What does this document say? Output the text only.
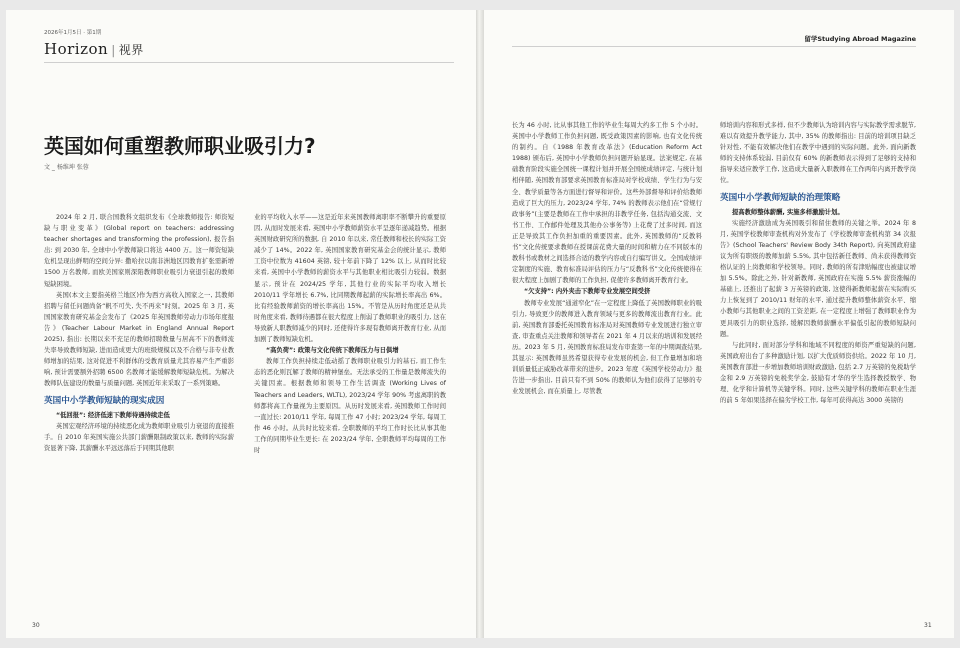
2026年1月5日 · 第1期
Horizon | 视界
英国如何重塑教师职业吸引力?
文 _ 杨维坤 张蓉

2024 年 2 月, 联合国教科文组织发布《全球教师报告: 师资短缺与职业变革》(Global report on teachers: addressing teacher shortages and transforming the profession), 报告指出: 到 2030 年, 全球中小学教师缺口将达 4400 万。这一师资短缺危机呈现出鲜明的空间分异: 撒哈拉以南非洲地区因教育扩张需新增 1500 万名教师, 而欧美国家则深陷教师职业吸引力衰退引起的教师短缺困境。

英国(本文主要指英格兰地区)作为西方高收入国家之一, 其教师招聘与留任问题尚备“帆不可失, 失不再来”时刻。2025 年 3 月, 英国国家教育研究基金会发布了《2025 年英国教师劳动力市场年度报告》(Teacher Labour Market in England Annual Report 2025), 指出: 长期以来不充足的教师招聘数量与居高不下的教师流失率导致教师短缺, 进而造成更大的班级规模以及不合格与非专业教师增加的结果, 这对促进不利群体的受教育质量尤其容易产生严重影响, 预计需要额外招聘 6500 名教师才能缓解教师短缺危机。为解决教师队伍建设的数量与质量问题, 英国近年来采取了一系列策略。

英国中小学教师短缺的现实成因

“低回报”: 经济低迷下教师待遇持续走低

英国宏观经济环境的持续恶化成为教师职业吸引力衰退的直接推手。自 2010 年英国实施公共部门薪酬限制政策以来, 教师的实际薪资显著下降, 其薪酬水平远远落后于同期其他职

业的平均收入水平——这是近年来英国教师离职率不断攀升的重要原因, 从而时发展来看, 英国中小学教师薪资水平呈逐年递减趋势。根据英国财政研究所的数据, 自 2010 年以来, 常任教师和校长的实际工资减少了 14%。2022 年, 英国国家教育研究基金会的统计显示, 教师工资中位数为 41604 英镑, 较十年前下降了 12% 以上, 从而时比较来看, 英国中小学教师的薪资水平与其他职业相比吸引力较弱。数据显示, 预计在 2024/25 学年, 其他行业的实际平均收入增长 2010/11 学年增长 6.7%, 比同期教师起薪的实际增长率高出 6%。比有经验教师薪资的增长率高出 15%。不管是从历时角度还是从共时角度来看, 教师待遇都在很大程度上削弱了教师职业的吸引力, 这在导致新人职教师减少的同时, 还使得许多现有教师离开教育行业, 从而加剧了教师短缺危机。

“高负荷”: 政策与文化传统下教师压力与日俱增

教师工作负担持续走低动摇了教师职业吸引力的基石, 而工作生态的恶化则瓦解了教师的精神堡垒。无法承受的工作量是教师流失的关键因素。根据教师和领导工作生活调查 (Working Lives of Teachers and Leaders, WLTL), 2023/24 学年 90% 考虑离职的教师都将高工作量视为主要原因。从历时发展来看, 英国教师工作时间一直过长: 2010/11 学年, 每周工作 47 小时; 2023/24 学年, 每周工作 46 小时。从共时比较来看, 全职教师的平均工作时长比从事其他工作的同期毕业生更长: 在 2023/24 学年, 全职教师平均每周的工作时

30
留学Studying Abroad Magazine

长为 46 小时, 比从事其他工作的毕业生每周大约多工作 5 个小时。英国中小学教师工作负担问题, 既受政策因素的影响, 也有文化传统的制约。自《1988 年教育改革法》(Education Reform Act 1988) 颁布后, 英国中小学教师负担问题开始显现。法案规定, 在基础教育阶段实施全国统一课程计划并开展全国统成绩评定, 与统计划相伴随, 英国教育部要求英国教育标准局对学校成绩、学生行为与安全、教学质量等各方面进行督导和评价。这些外部督导和评价给教师造成了巨大的压力, 2023/24 学年, 74% 的教师表示他们在“常规行政事务”(主要是教师在工作中承担的非教学任务, 包括沟通交流、文书工作、工作邮件处理及其他办公事务等) 上花费了过多时间, 而这正是导致其工作负担加重的重要因素。此外, 英国教师的“反教料书”文化传统要求教师在授课前花费大量的时间和精力在不同版本的教科书或教材之间选择合适的教学内容或自行编写讲义。全国成绩评定制度的实施、教育标准局评估的压力与“反教科书”文化传统使得在很大程度上加剧了教师的工作负担, 促使许多教师离开教育行业。

“欠支持”: 内外夹击下教师专业发展空间受挤

教师专业发展“通道窄化”在一定程度上降低了英国教师职业的吸引力, 导致更少的教师进入教育领域与更多的教师流出教育行业。此前, 英国教育部委托英国教育标准局对英国教师专业发展进行独立审查, 审查重点关注教师和领导者在 2021 年 4 月以来的培训和发展经历。2023 年 5 月, 英国教育标准局发布审查第一年的中期调查结果, 其显示: 英国教师虽然希望获得专业发展的机会, 但工作量增加和培训质量低正威胁改革带来的进步。2023 年度《英国学校劳动力》报告进一步指出, 目前只有不到 50% 的教师认为他们获得了足够的专业发展机会, 而在质量上, 尽管教

师培训内容和形式多样, 但不少教师认为培训内容与实际教学需求脱节, 难以有效提升教学能力, 其中, 35% 的教师指出: 目前的培训项目缺乏针对性, 不能有效解决他们在教学中遇到的实际问题。此外, 面向新教师的支持体系较弱, 目前仅有 60% 的新教师表示得到了足够的支持和指导来适应教学工作, 这造成大量新入职教师在工作两年内离开教学岗位。

英国中小学教师短缺的治理策略

提高教师整体薪酬, 实施多样激励计划。

实施经济激励成为英国吸引和留住教师的关键之举。2024 年 8 月, 英国学校教师审查机构对外发布了《学校教师审查机构第 34 次报告》(School Teachers' Review Body 34th Report), 向英国政府建议为所有职级的教师加薪 5.5%, 其中包括新任教师、尚未获得教师资格认证的上岗教师和学校领导。同时, 教师的所有津贴幅度也被建议增加 5.5%。除此之外, 针对新教师, 英国政府在实施 5.5% 薪资涨幅的基础上, 还推出了起薪 3 万英镑的政策, 这使得新教师起薪在实际购买力上恢复到了 2010/11 财年的水平, 通过提升教师整体薪资水平、缩小教师与其他职业之间的工资差距, 在一定程度上增强了教师职业作为更具吸引力的职业选择, 缓解因教师薪酬水平偏低引起的教师短缺问题。

与此同时, 面对部分学科和地域不同程度的师资严重短缺的问题, 英国政府出台了多种激励计划, 以扩大优质师资供给。2022 年 10 月, 英国教育部进一步增加教师培训财政激励, 包括 2.7 万英镑的免税助学金和 2.9 万英镑的免税奖学金, 鼓励有才华的学生选择教授数学、物理、化学和计算机等关键学科。同时, 这些关键学科的教师在职业生涯的前 5 年如果选择在偏劣学校工作, 每年可获得高达 3000 英镑的

31
